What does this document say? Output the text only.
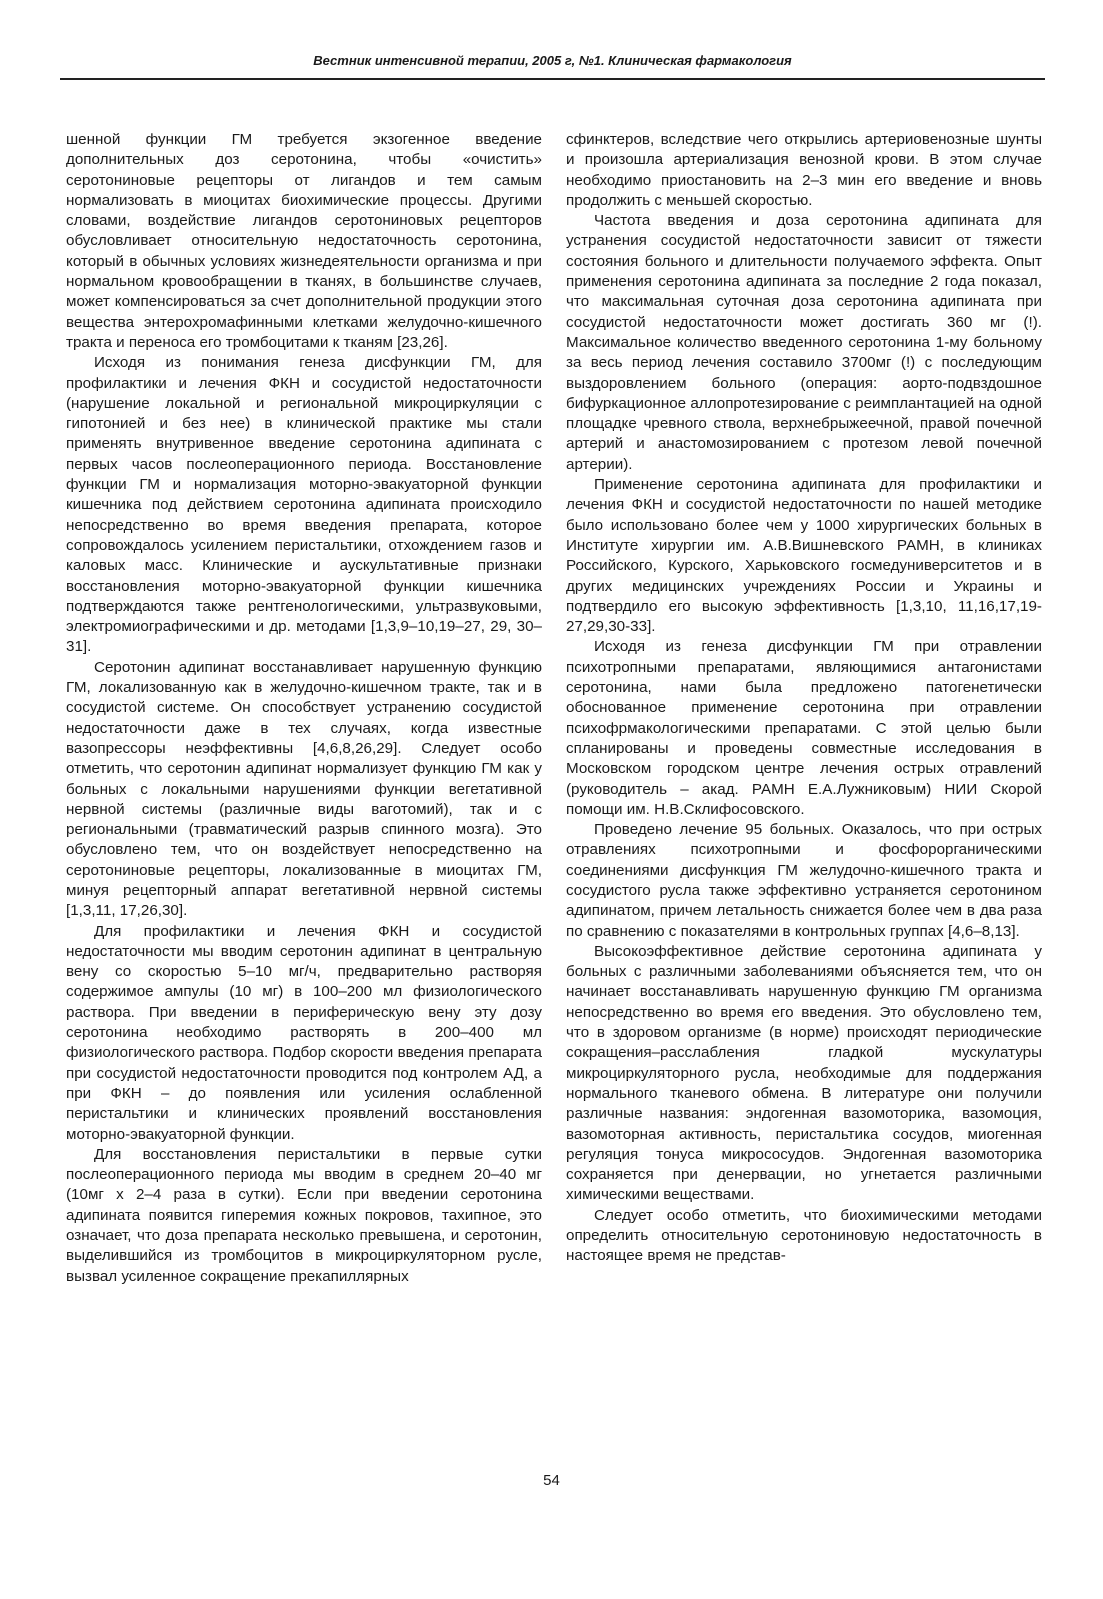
Вестник интенсивной терапии, 2005 г, №1. Клиническая фармакология

шенной функции ГМ требуется экзогенное введение дополнительных доз серотонина, чтобы «очистить» серотониновые рецепторы от лигандов и тем самым нормализовать в миоцитах биохимические процессы. Другими словами, воздействие лигандов серотониновых рецепторов обусловливает относительную недостаточность серотонина, который в обычных условиях жизнедеятельности организма и при нормальном кровообращении в тканях, в большинстве случаев, может компенсироваться за счет дополнительной продукции этого вещества энтерохромафинными клетками желудочно-кишечного тракта и переноса его тромбоцитами к тканям [23,26].

Исходя из понимания генеза дисфункции ГМ, для профилактики и лечения ФКН и сосудистой недостаточности (нарушение локальной и региональной микроциркуляции с гипотонией и без нее) в клинической практике мы стали применять внутривенное введение серотонина адипината с первых часов послеоперационного периода. Восстановление функции ГМ и нормализация моторно-эвакуаторной функции кишечника под действием серотонина адипината происходило непосредственно во время введения препарата, которое сопровождалось усилением перистальтики, отхождением газов и каловых масс. Клинические и аускультативные признаки восстановления моторно-эвакуаторной функции кишечника подтверждаются также рентгенологическими, ультразвуковыми, электромиографическими и др. методами [1,3,9–10,19–27, 29, 30–31].

Серотонин адипинат восстанавливает нарушенную функцию ГМ, локализованную как в желудочно-кишечном тракте, так и в сосудистой системе. Он способствует устранению сосудистой недостаточности даже в тех случаях, когда известные вазопрессоры неэффективны [4,6,8,26,29]. Следует особо отметить, что серотонин адипинат нормализует функцию ГМ как у больных с локальными нарушениями функции вегетативной нервной системы (различные виды ваготомий), так и с региональными (травматический разрыв спинного мозга). Это обусловлено тем, что он воздействует непосредственно на серотониновые рецепторы, локализованные в миоцитах ГМ, минуя рецепторный аппарат вегетативной нервной системы [1,3,11, 17,26,30].

Для профилактики и лечения ФКН и сосудистой недостаточности мы вводим серотонин адипинат в центральную вену со скоростью 5–10 мг/ч, предварительно растворяя содержимое ампулы (10 мг) в 100–200 мл физиологического раствора. При введении в периферическую вену эту дозу серотонина необходимо растворять в 200–400 мл физиологического раствора. Подбор скорости введения препарата при сосудистой недостаточности проводится под контролем АД, а при ФКН – до появления или усиления ослабленной перистальтики и клинических проявлений восстановления моторно-эвакуаторной функции.

Для восстановления перистальтики в первые сутки послеоперационного периода мы вводим в среднем 20–40 мг (10мг х 2–4 раза в сутки). Если при введении серотонина адипината появится гиперемия кожных покровов, тахипное, это означает, что доза препарата несколько превышена, и серотонин, выделившийся из тромбоцитов в микроциркуляторном русле, вызвал усиленное сокращение прекапиллярных

сфинктеров, вследствие чего открылись артериовенозные шунты и произошла артериализация венозной крови. В этом случае необходимо приостановить на 2–3 мин его введение и вновь продолжить с меньшей скоростью.

Частота введения и доза серотонина адипината для устранения сосудистой недостаточности зависит от тяжести состояния больного и длительности получаемого эффекта. Опыт применения серотонина адипината за последние 2 года показал, что максимальная суточная доза серотонина адипината при сосудистой недостаточности может достигать 360 мг (!). Максимальное количество введенного серотонина 1-му больному за весь период лечения составило 3700мг (!) с последующим выздоровлением больного (операция: аорто-подвздошное бифуркационное аллопротезирование с реимплантацией на одной площадке чревного ствола, верхнебрыжеечной, правой почечной артерий и анастомозированием с протезом левой почечной артерии).

Применение серотонина адипината для профилактики и лечения ФКН и сосудистой недостаточности по нашей методике было использовано более чем у 1000 хирургических больных в Институте хирургии им. А.В.Вишневского РАМН, в клиниках Российского, Курского, Харьковского госмедуниверситетов и в других медицинских учреждениях России и Украины и подтвердило его высокую эффективность [1,3,10, 11,16,17,19-27,29,30-33].

Исходя из генеза дисфункции ГМ при отравлении психотропными препаратами, являющимися антагонистами серотонина, нами была предложено патогенетически обоснованное применение серотонина при отравлении психофрмакологическими препаратами. С этой целью были спланированы и проведены совместные исследования в Московском городском центре лечения острых отравлений (руководитель – акад. РАМН Е.А.Лужниковым) НИИ Скорой помощи им. Н.В.Склифосовского.

Проведено лечение 95 больных. Оказалось, что при острых отравлениях психотропными и фосфорорганическими соединениями дисфункция ГМ желудочно-кишечного тракта и сосудистого русла также эффективно устраняется серотонином адипинатом, причем летальность снижается более чем в два раза по сравнению с показателями в контрольных группах [4,6–8,13].

Высокоэффективное действие серотонина адипината у больных с различными заболеваниями объясняется тем, что он начинает восстанавливать нарушенную функцию ГМ организма непосредственно во время его введения. Это обусловлено тем, что в здоровом организме (в норме) происходят периодические сокращения–расслабления гладкой мускулатуры микроциркуляторного русла, необходимые для поддержания нормального тканевого обмена. В литературе они получили различные названия: эндогенная вазомоторика, вазомоция, вазомоторная активность, перистальтика сосудов, миогенная регуляция тонуса микрососудов. Эндогенная вазомоторика сохраняется при денервации, но угнетается различными химическими веществами.

Следует особо отметить, что биохимическими методами определить относительную серотониновую недостаточность в настоящее время не представ-

54
